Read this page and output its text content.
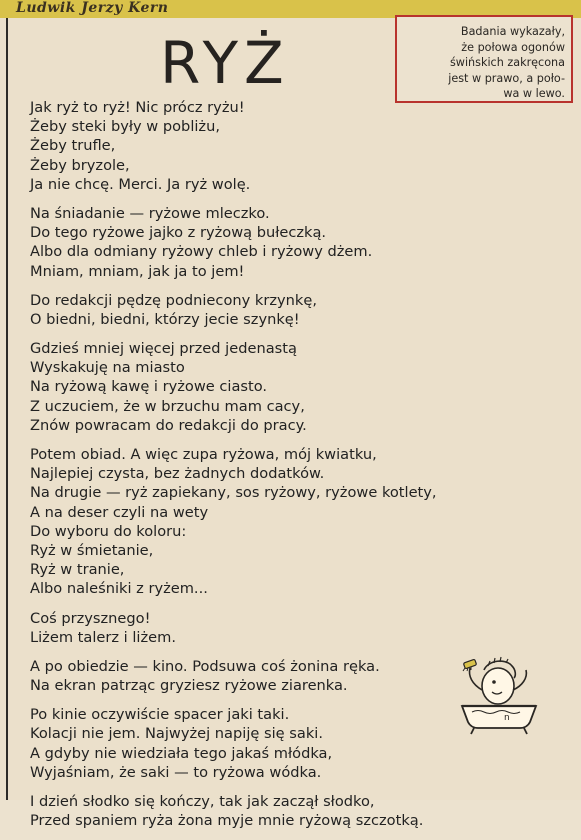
Ludwik Jerzy Kern
RYŻ	Badania wykazały,
że połowa ogonów
świńskich zakręcona
jest w prawo, a poło-
wa w lewo.

Jak ryż to ryż! Nic prócz ryżu!
Żeby steki były w pobliżu,
Żeby trufle,
Żeby bryzole,
Ja nie chcę. Merci. Ja ryż wolę.
Na śniadanie — ryżowe mleczko.
Do tego ryżowe jajko z ryżową bułeczką.
Albo dla odmiany ryżowy chleb i ryżowy dżem.
Mniam, mniam, jak ja to jem!
Do redakcji pędzę podniecony krzynkę,
O biedni, biedni, którzy jecie szynkę!
Gdzieś mniej więcej przed jedenastą
Wyskakuję na miasto
Na ryżową kawę i ryżowe ciasto.
Z uczuciem, że w brzuchu mam cacy,
Znów powracam do redakcji do pracy.
Potem obiad. A więc zupa ryżowa, mój kwiatku,
Najlepiej czysta, bez żadnych dodatków.
Na drugie — ryż zapiekany, sos ryżowy, ryżowe kotlety,
A na deser czyli na wety
Do wyboru do koloru:
Ryż w śmietanie,
Ryż w tranie,
Albo naleśniki z ryżem...
Coś przysznego!
Liżem talerz i liżem.
A po obiedzie — kino. Podsuwa coś żonina ręka.
Na ekran patrząc gryziesz ryżowe ziarenka.
Po kinie oczywiście spacer jaki taki.
Kolacji nie jem. Najwyżej napiję się saki.
A gdyby nie wiedziała tego jakaś młódka,
Wyjaśniam, że saki — to ryżowa wódka.
I dzień słodko się kończy, tak jak zaczął słodko,
Przed spaniem ryża żona myje mnie ryżową szczotką.
n
